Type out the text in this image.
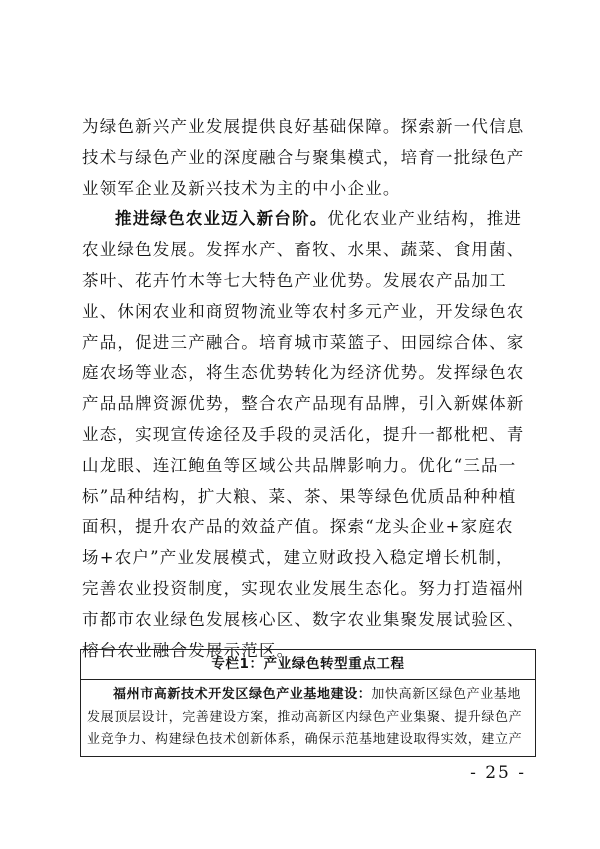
为绿色新兴产业发展提供良好基础保障。探索新一代信息技术与绿色产业的深度融合与聚集模式，培育一批绿色产业领军企业及新兴技术为主的中小企业。

推进绿色农业迈入新台阶。优化农业产业结构，推进农业绿色发展。发挥水产、畜牧、水果、蔬菜、食用菌、茶叶、花卉竹木等七大特色产业优势。发展农产品加工业、休闲农业和商贸物流业等农村多元产业，开发绿色农产品，促进三产融合。培育城市菜篮子、田园综合体、家庭农场等业态，将生态优势转化为经济优势。发挥绿色农产品品牌资源优势，整合农产品现有品牌，引入新媒体新业态，实现宣传途径及手段的灵活化，提升一都枇杷、青山龙眼、连江鲍鱼等区域公共品牌影响力。优化“三品一标”品种结构，扩大粮、菜、茶、果等绿色优质品种种植面积，提升农产品的效益产值。探索“龙头企业+家庭农场+农户”产业发展模式，建立财政投入稳定增长机制，完善农业投资制度，实现农业发展生态化。努力打造福州市都市农业绿色发展核心区、数字农业集聚发展试验区、榕台农业融合发展示范区。

专栏1：产业绿色转型重点工程
福州市高新技术开发区绿色产业基地建设：加快高新区绿色产业基地发展顶层设计，完善建设方案，推动高新区内绿色产业集聚、提升绿色产业竞争力、构建绿色技术创新体系，确保示范基地建设取得实效，建立产
- 25 -
